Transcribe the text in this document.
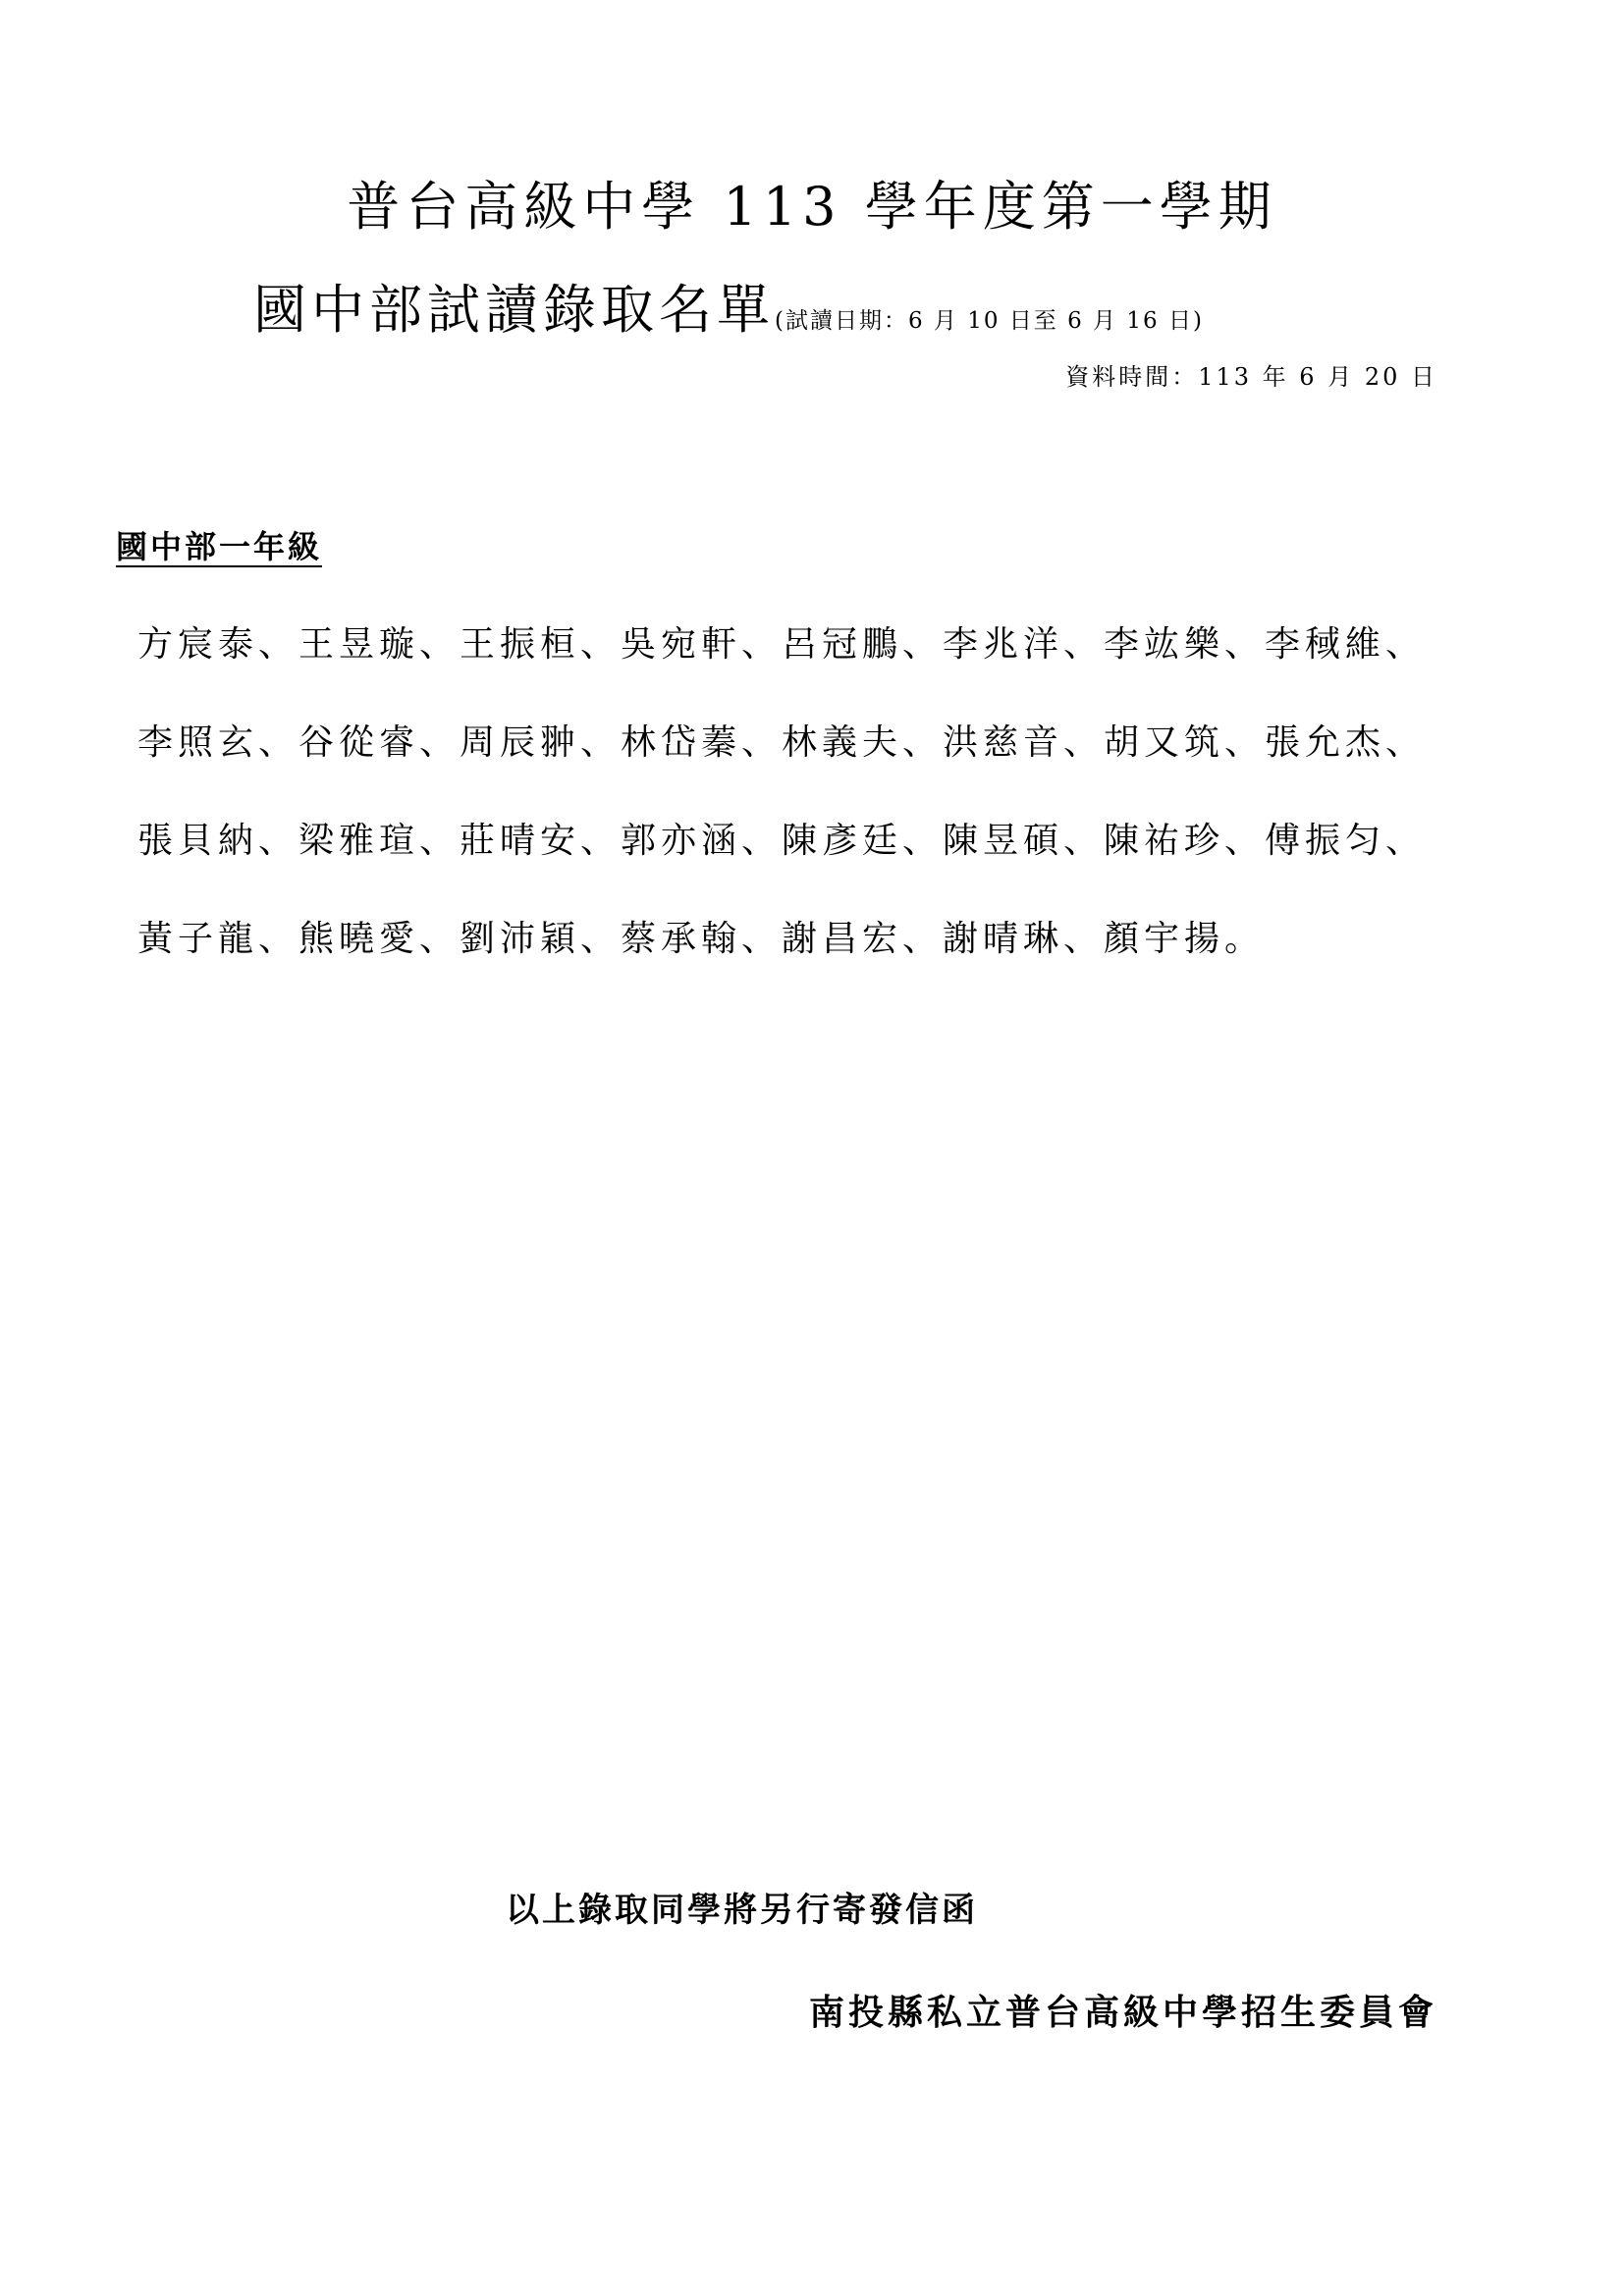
普台高級中學 113 學年度第一學期
國中部試讀錄取名單(試讀日期：6 月 10 日至 6 月 16 日)
資料時間：113 年 6 月 20 日
國中部一年級
方宸泰、王昱璇、王振桓、吳宛軒、呂冠鵬、李兆洋、李竑樂、李稢維、
李照玄、谷從睿、周辰翀、林岱蓁、林義夫、洪慈音、胡又筑、張允杰、
張貝納、梁雅瑄、莊晴安、郭亦涵、陳彥廷、陳昱碩、陳祐珍、傅振匀、
黃子龍、熊曉愛、劉沛穎、蔡承翰、謝昌宏、謝晴琳、顏宇揚。
以上錄取同學將另行寄發信函
南投縣私立普台高級中學招生委員會
